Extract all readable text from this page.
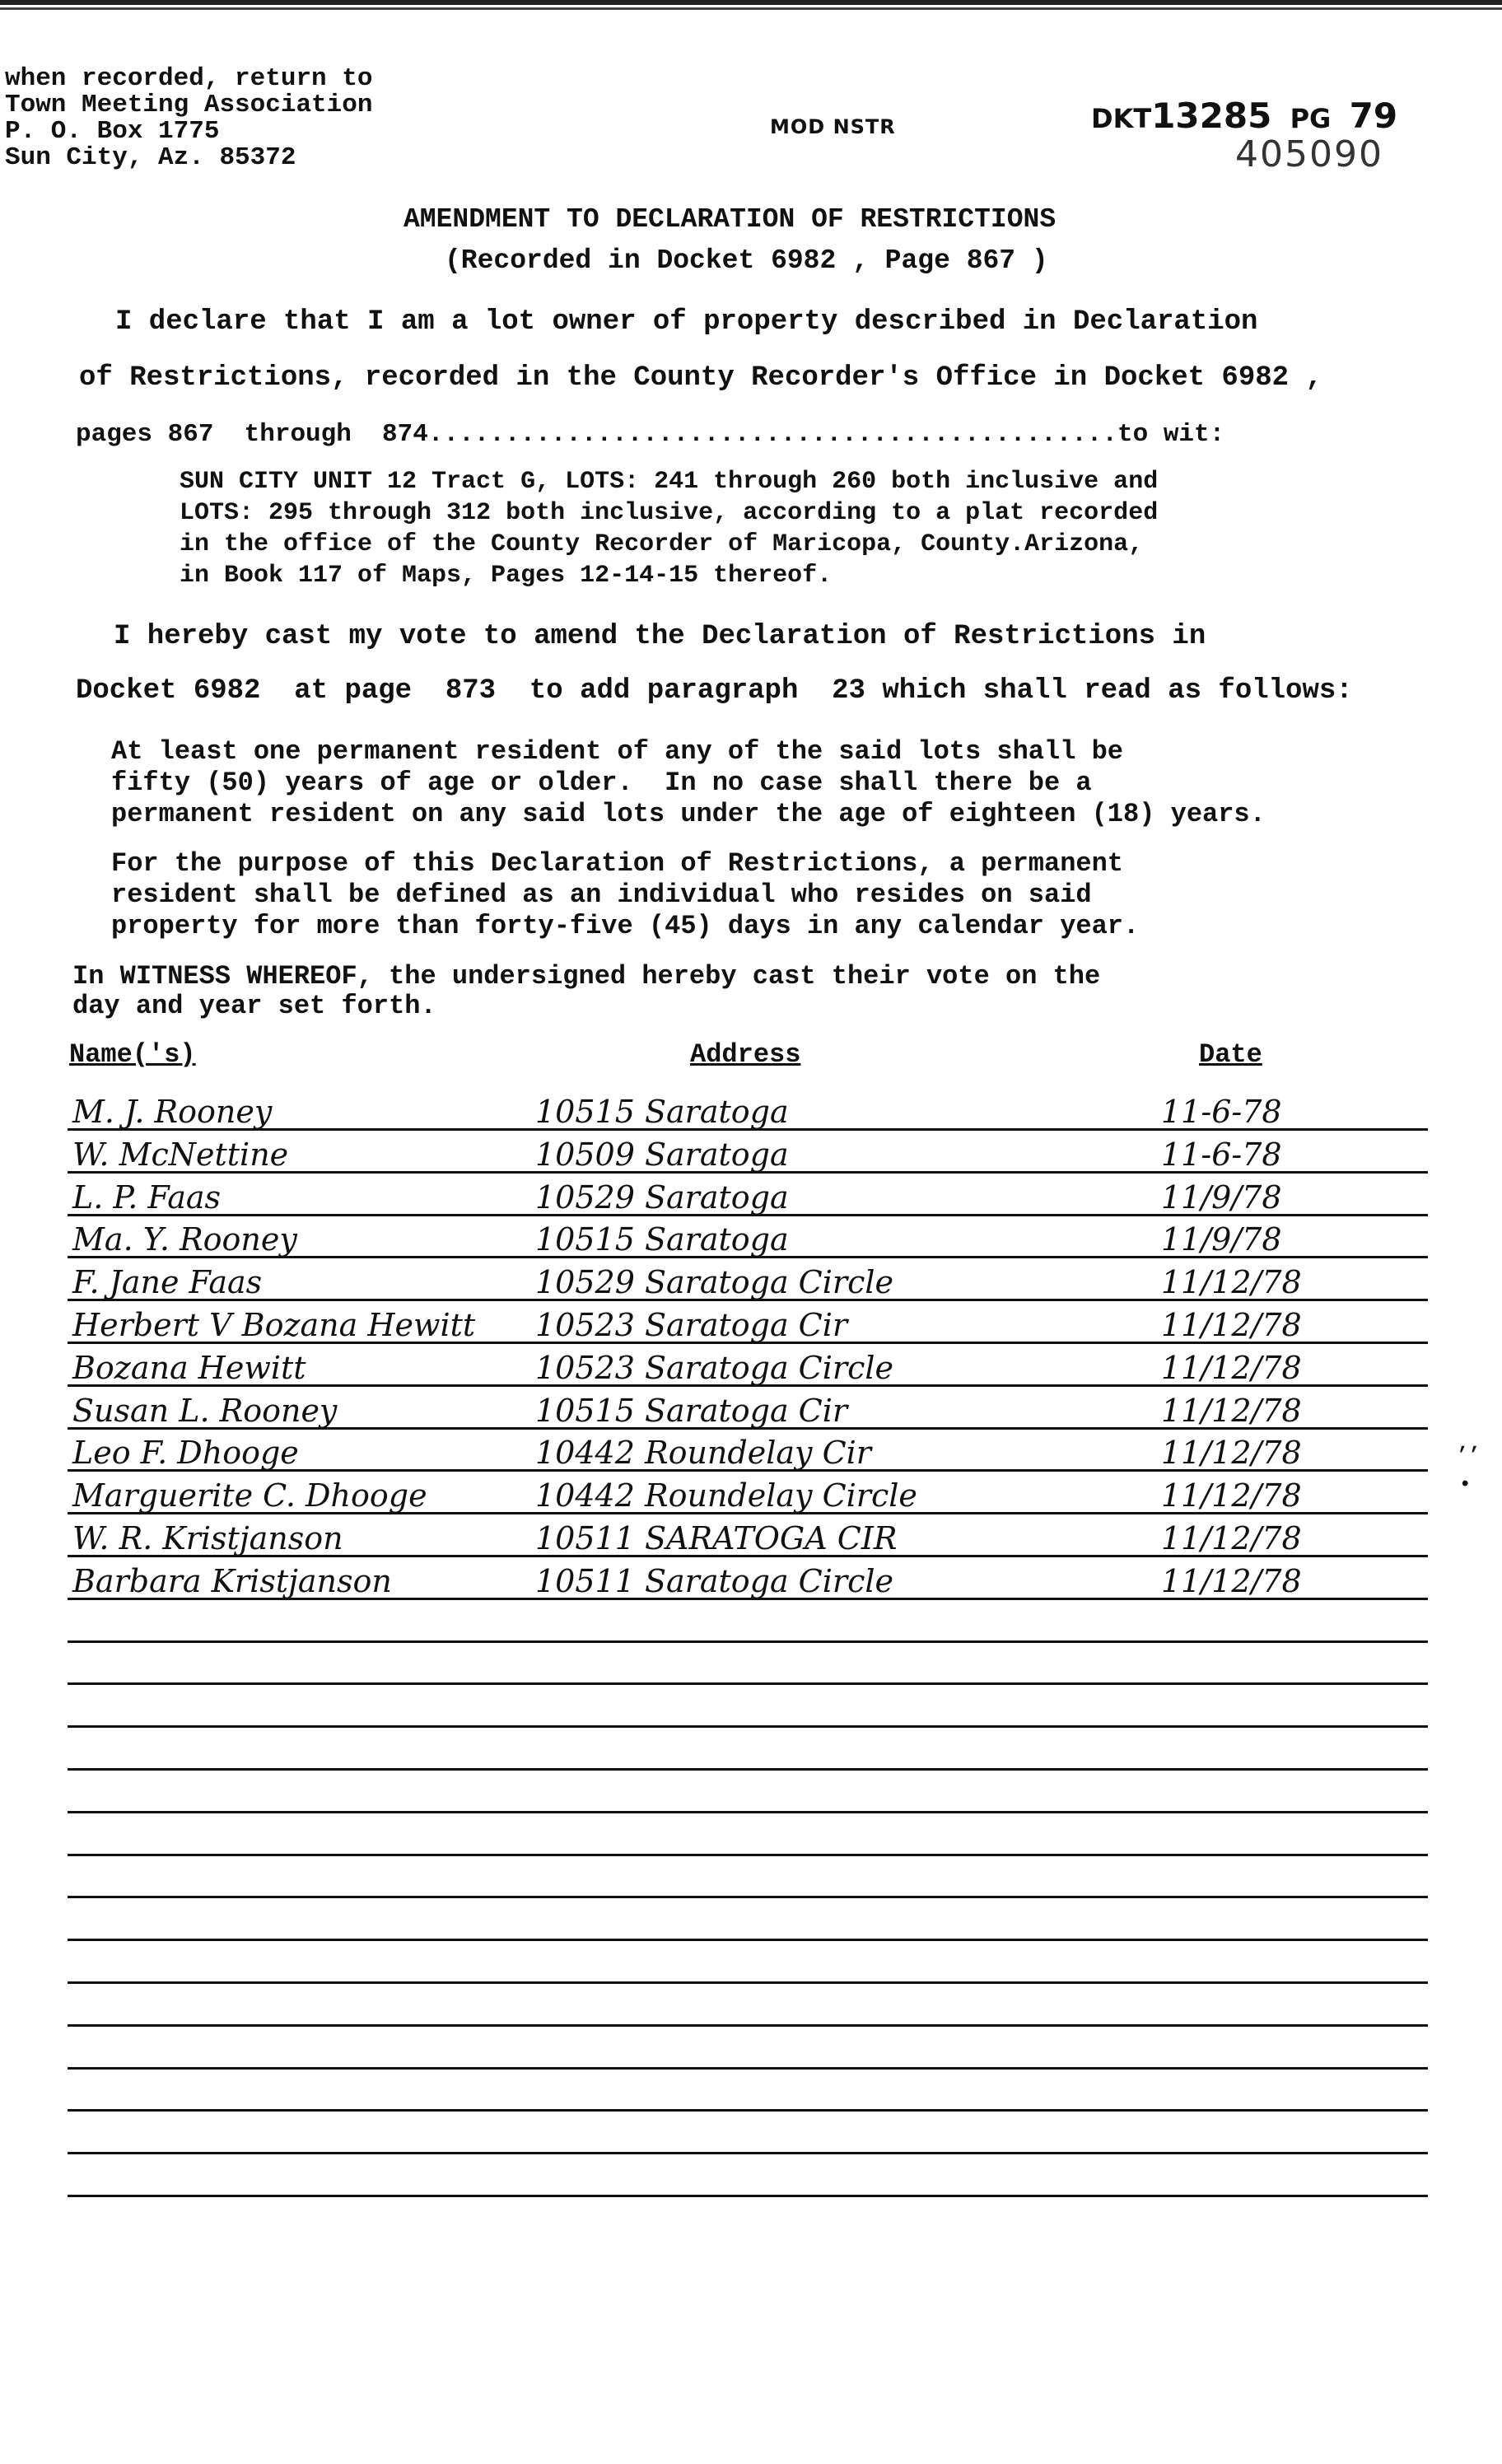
when recorded, return to
Town Meeting Association
P. O. Box 1775
Sun City, Az. 85372
MOD NSTR	DKT13285 PG 79
405090
AMENDMENT TO DECLARATION OF RESTRICTIONS
(Recorded in Docket 6982 , Page 867 )
I declare that I am a lot owner of property described in Declaration
of Restrictions, recorded in the County Recorder's Office in Docket 6982 ,
pages 867  through  874.............................................to wit:
SUN CITY UNIT 12 Tract G, LOTS: 241 through 260 both inclusive and
LOTS: 295 through 312 both inclusive, according to a plat recorded
in the office of the County Recorder of Maricopa, County.Arizona,
in Book 117 of Maps, Pages 12-14-15 thereof.
I hereby cast my vote to amend the Declaration of Restrictions in
Docket 6982  at page  873  to add paragraph  23 which shall read as follows:
At least one permanent resident of any of the said lots shall be
fifty (50) years of age or older.  In no case shall there be a
permanent resident on any said lots under the age of eighteen (18) years.
For the purpose of this Declaration of Restrictions, a permanent
resident shall be defined as an individual who resides on said
property for more than forty-five (45) days in any calendar year.
In WITNESS WHEREOF, the undersigned hereby cast their vote on the
day and year set forth.
Name('s)	Address	Date
M. J. Rooney	10515 Saratoga	11-6-78
W. McNettine	10509 Saratoga	11-6-78
L. P. Faas	10529 Saratoga	11/9/78
Ma. Y. Rooney	10515 Saratoga	11/9/78
F. Jane Faas	10529 Saratoga Circle	11/12/78
Herbert V Bozana Hewitt 10523 Saratoga Cir	11/12/78
Bozana Hewitt	10523 Saratoga Circle	11/12/78
Susan L. Rooney	10515 Saratoga Cir	11/12/78
Leo F. Dhooge	10442 Roundelay Cir	11/12/78
Marguerite C. Dhooge	10442 Roundelay Circle	11/12/78
W. R. Kristjanson	10511 SARATOGA CIR	11/12/78
Barbara Kristjanson	10511 Saratoga Circle	11/12/78
,,
•
